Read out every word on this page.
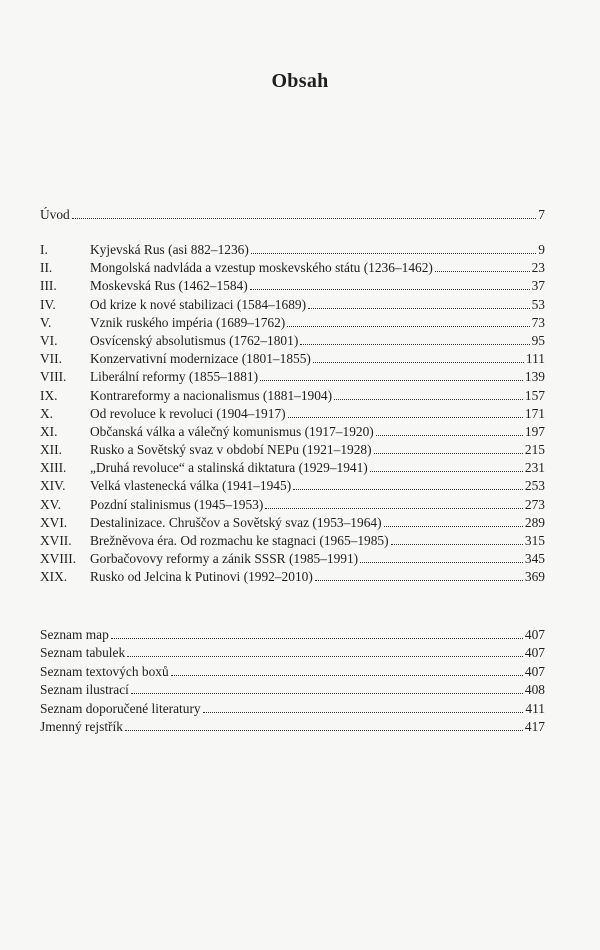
Obsah
Úvod	7
I.	Kyjevská Rus (asi 882–1236)	9
II.	Mongolská nadvláda a vzestup moskevského státu (1236–1462)	23
III.	Moskevská Rus (1462–1584)	37
IV.	Od krize k nové stabilizaci (1584–1689)	53
V.	Vznik ruského impéria (1689–1762)	73
VI.	Osvícenský absolutismus (1762–1801)	95
VII.	Konzervativní modernizace (1801–1855)	111
VIII.	Liberální reformy (1855–1881)	139
IX.	Kontrareformy a nacionalismus (1881–1904)	157
X.	Od revoluce k revoluci (1904–1917)	171
XI.	Občanská válka a válečný komunismus (1917–1920)	197
XII.	Rusko a Sovětský svaz v období NEPu (1921–1928)	215
XIII.	„Druhá revoluce“ a stalinská diktatura (1929–1941)	231
XIV.	Velká vlastenecká válka (1941–1945)	253
XV.	Pozdní stalinismus (1945–1953)	273
XVI.	Destalinizace. Chruščov a Sovětský svaz (1953–1964)	289
XVII.	Brežněvova éra. Od rozmachu ke stagnaci (1965–1985)	315
XVIII.	Gorbačovovy reformy a zánik SSSR (1985–1991)	345
XIX.	Rusko od Jelcina k Putinovi (1992–2010)	369
Seznam map	407
Seznam tabulek	407
Seznam textových boxů	407
Seznam ilustrací	408
Seznam doporučené literatury	411
Jmenný rejstřík	417
